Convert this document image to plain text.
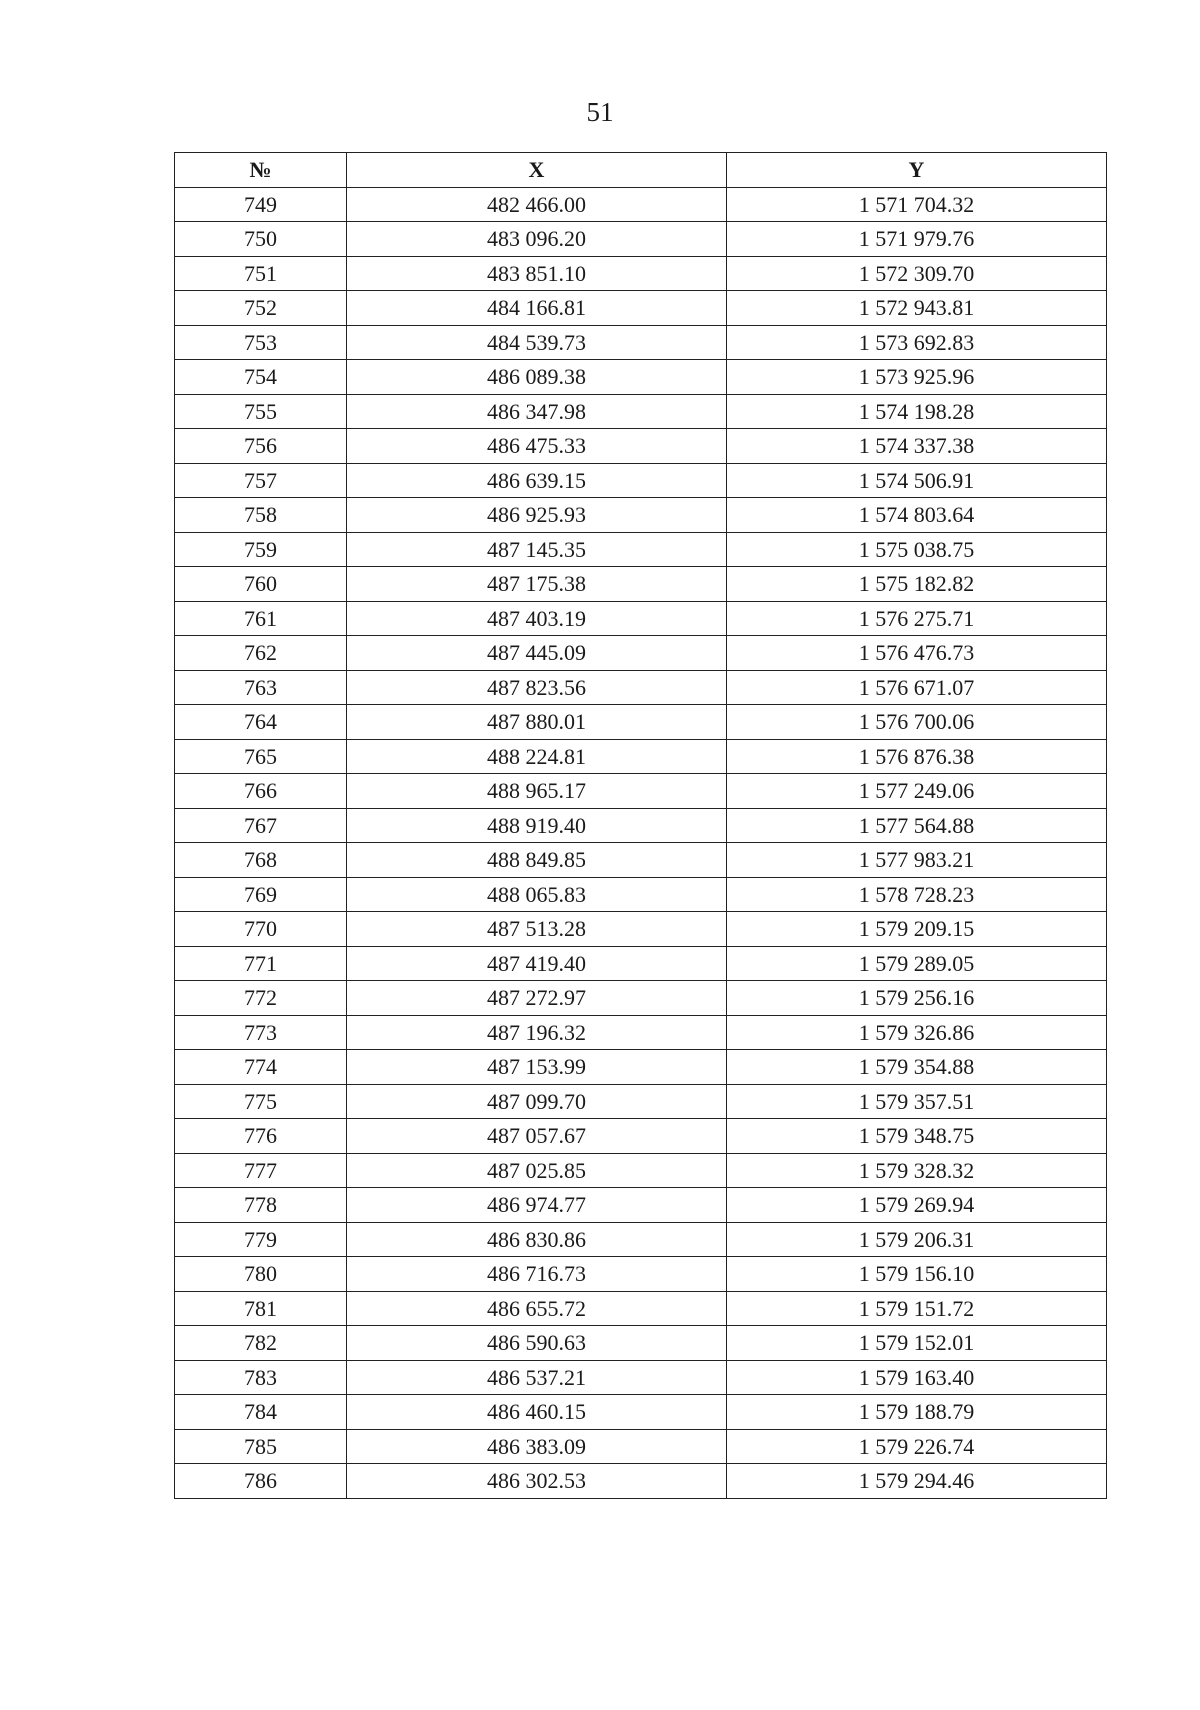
51
№	X	Y
749	482 466.00	1 571 704.32
750	483 096.20	1 571 979.76
751	483 851.10	1 572 309.70
752	484 166.81	1 572 943.81
753	484 539.73	1 573 692.83
754	486 089.38	1 573 925.96
755	486 347.98	1 574 198.28
756	486 475.33	1 574 337.38
757	486 639.15	1 574 506.91
758	486 925.93	1 574 803.64
759	487 145.35	1 575 038.75
760	487 175.38	1 575 182.82
761	487 403.19	1 576 275.71
762	487 445.09	1 576 476.73
763	487 823.56	1 576 671.07
764	487 880.01	1 576 700.06
765	488 224.81	1 576 876.38
766	488 965.17	1 577 249.06
767	488 919.40	1 577 564.88
768	488 849.85	1 577 983.21
769	488 065.83	1 578 728.23
770	487 513.28	1 579 209.15
771	487 419.40	1 579 289.05
772	487 272.97	1 579 256.16
773	487 196.32	1 579 326.86
774	487 153.99	1 579 354.88
775	487 099.70	1 579 357.51
776	487 057.67	1 579 348.75
777	487 025.85	1 579 328.32
778	486 974.77	1 579 269.94
779	486 830.86	1 579 206.31
780	486 716.73	1 579 156.10
781	486 655.72	1 579 151.72
782	486 590.63	1 579 152.01
783	486 537.21	1 579 163.40
784	486 460.15	1 579 188.79
785	486 383.09	1 579 226.74
786	486 302.53	1 579 294.46
